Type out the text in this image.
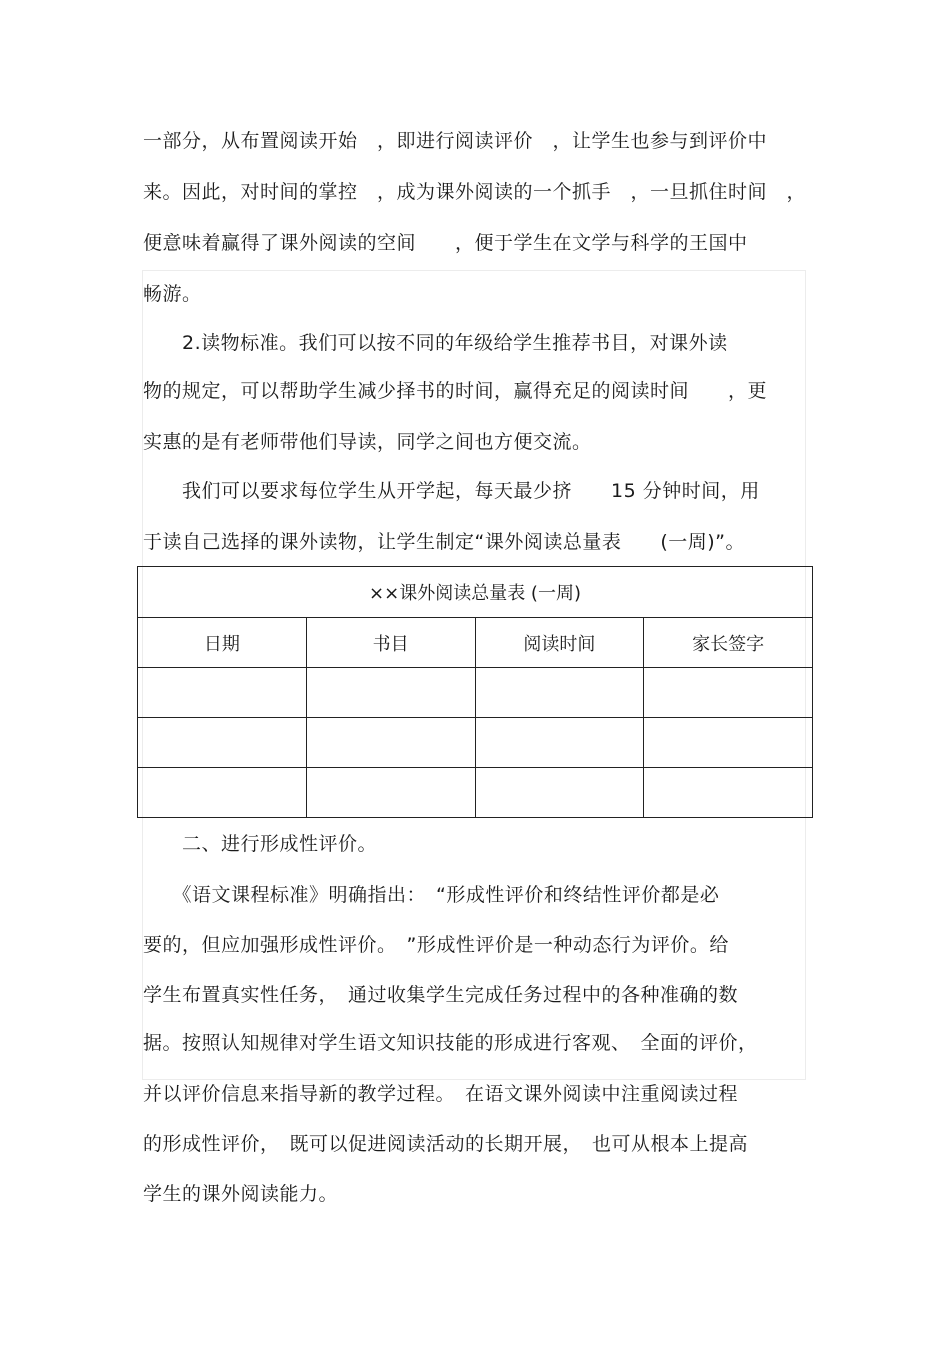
一部分，从布置阅读开始　，即进行阅读评价　，让学生也参与到评价中
来。因此，对时间的掌控　，成为课外阅读的一个抓手　，一旦抓住时间　，
便意味着赢得了课外阅读的空间　　，便于学生在文学与科学的王国中
畅游。
　　2.读物标准。我们可以按不同的年级给学生推荐书目，对课外读
物的规定，可以帮助学生减少择书的时间，赢得充足的阅读时间　　，更
实惠的是有老师带他们导读，同学之间也方便交流。
　　我们可以要求每位学生从开学起，每天最少挤　　15 分钟时间，用
于读自己选择的课外读物，让学生制定“课外阅读总量表　　(一周)”。
××课外阅读总量表 (一周)			
日期	书目	阅读时间	家长签字

　　二、进行形成性评价。
　　《语文课程标准》明确指出：　“形成性评价和终结性评价都是必
要的，但应加强形成性评价。　”形成性评价是一种动态行为评价。给
学生布置真实性任务，　通过收集学生完成任务过程中的各种准确的数
据。按照认知规律对学生语文知识技能的形成进行客观、　全面的评价，
并以评价信息来指导新的教学过程。　在语文课外阅读中注重阅读过程
的形成性评价，　既可以促进阅读活动的长期开展，　也可从根本上提高
学生的课外阅读能力。
